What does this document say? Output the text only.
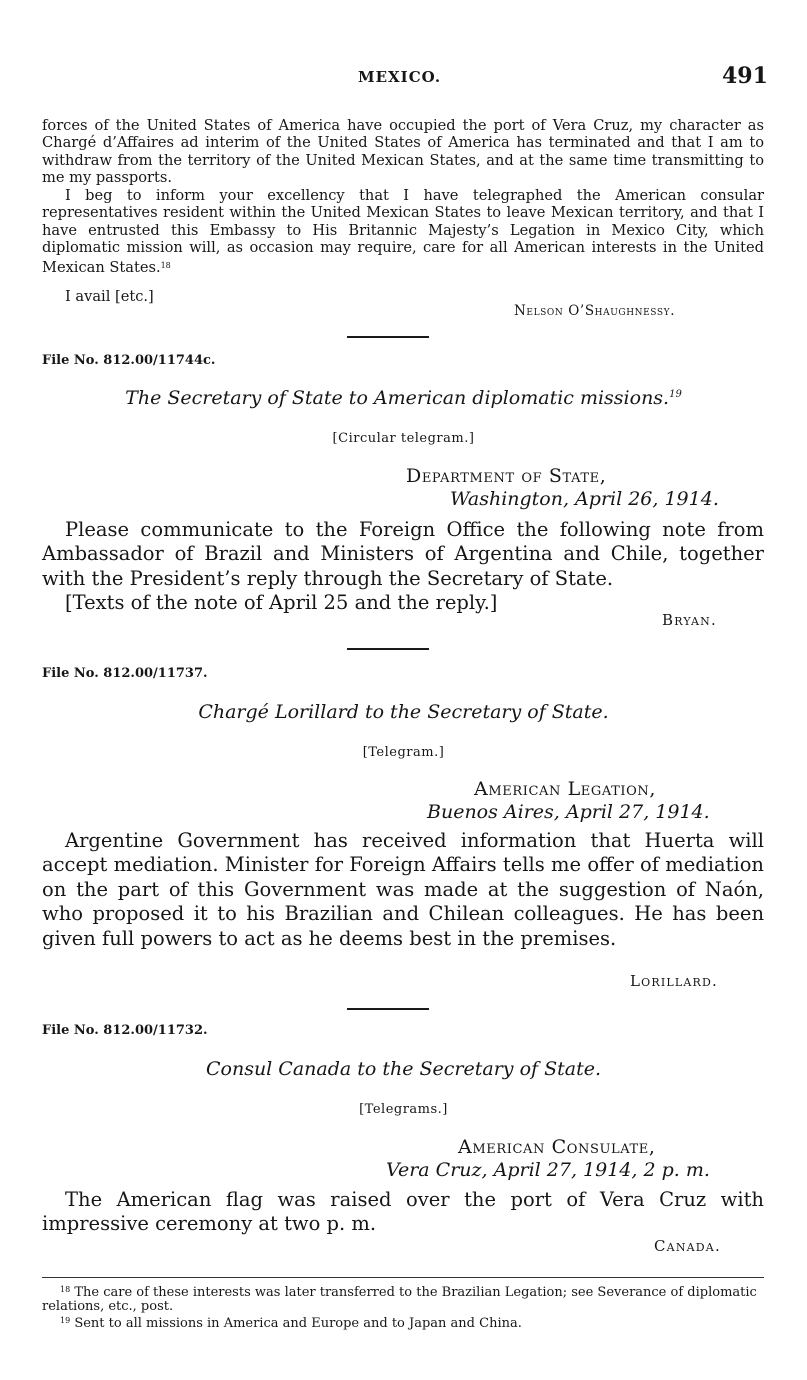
MEXICO.	491
forces of the United States of America have occupied the port of Vera Cruz, my character as Chargé d’Affaires ad interim of the United States of America has terminated and that I am to withdraw from the territory of the United Mexican States, and at the same time transmitting to me my passports.
I beg to inform your excellency that I have telegraphed the American consular representatives resident within the United Mexican States to leave Mexican territory, and that I have entrusted this Embassy to His Britannic Majesty’s Legation in Mexico City, which diplomatic mission will, as occasion may require, care for all American interests in the United Mexican States.$^{18}$
I avail [etc.]
Nelson O’Shaughnessy.
File No. 812.00/11744c.
The Secretary of State to American diplomatic missions.$^{19}$
[Circular telegram.]
Department of State,
Washington, April 26, 1914.
Please communicate to the Foreign Office the following note from Ambassador of Brazil and Ministers of Argentina and Chile, together with the President’s reply through the Secretary of State.
[Texts of the note of April 25 and the reply.]
Bryan.
File No. 812.00/11737.
Chargé Lorillard to the Secretary of State.
[Telegram.]
American Legation,
Buenos Aires, April 27, 1914.
Argentine Government has received information that Huerta will accept mediation. Minister for Foreign Affairs tells me offer of mediation on the part of this Government was made at the suggestion of Naón, who proposed it to his Brazilian and Chilean colleagues. He has been given full powers to act as he deems best in the premises.
Lorillard.
File No. 812.00/11732.
Consul Canada to the Secretary of State.
[Telegrams.]
American Consulate,
Vera Cruz, April 27, 1914, 2 p. m.
The American flag was raised over the port of Vera Cruz with impressive ceremony at two p. m.
Canada.
$^{18}$ The care of these interests was later transferred to the Brazilian Legation; see Severance of diplomatic relations, etc., post.
$^{19}$ Sent to all missions in America and Europe and to Japan and China.
